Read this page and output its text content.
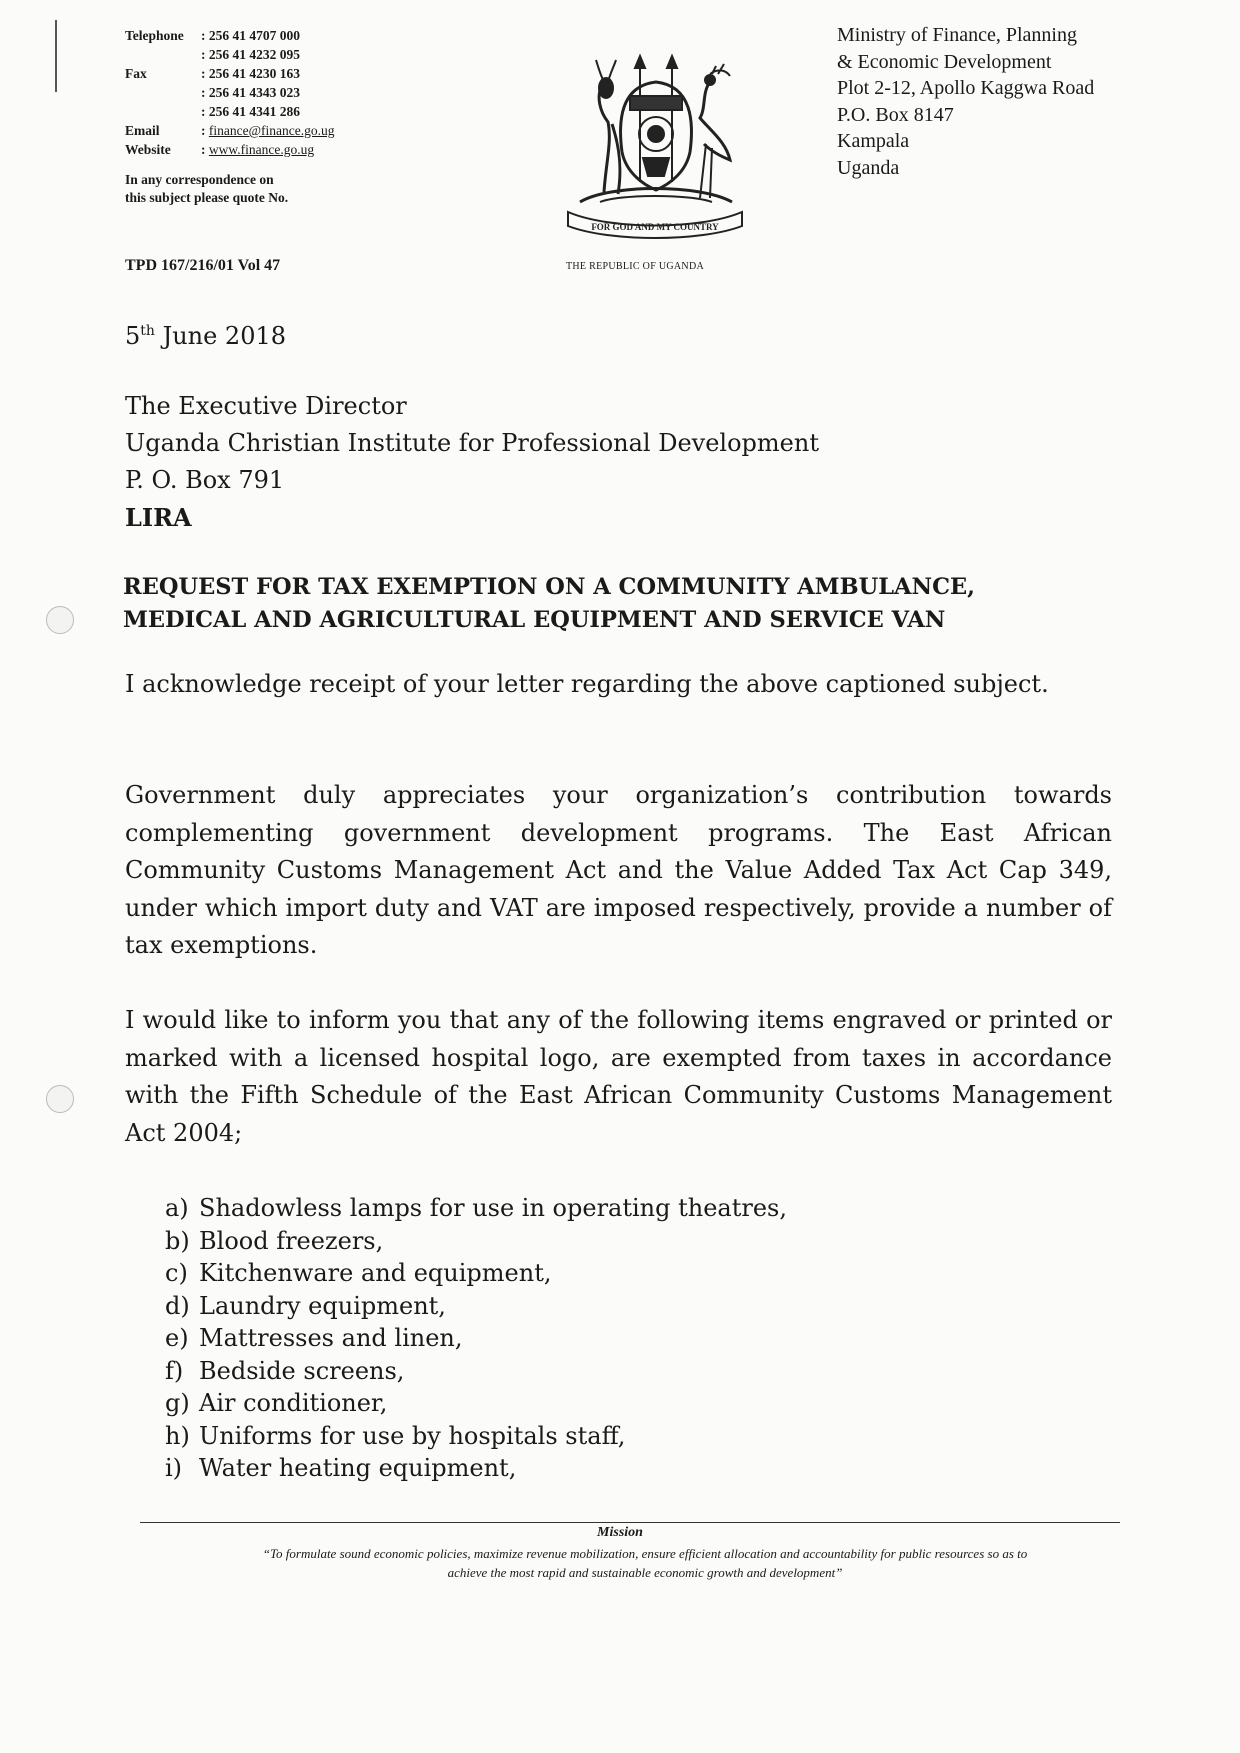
Telephone	: 256 41 4707 000
	: 256 41 4232 095
Fax	: 256 41 4230 163
	: 256 41 4343 023
	: 256 41 4341 286
Email	: finance@finance.go.ug
Website	: www.finance.go.ug
In any correspondence on
this subject please quote No.
TPD 167/216/01 Vol 47
FOR GOD AND MY COUNTRY
THE REPUBLIC OF UGANDA
Ministry of Finance, Planning
& Economic Development
Plot 2-12, Apollo Kaggwa Road
P.O. Box 8147
Kampala
Uganda
5th June 2018
The Executive Director
Uganda Christian Institute for Professional Development
P. O. Box 791
LIRA
REQUEST FOR TAX EXEMPTION ON A COMMUNITY AMBULANCE,
MEDICAL AND AGRICULTURAL EQUIPMENT AND SERVICE VAN
I acknowledge receipt of your letter regarding the above captioned subject.
Government duly appreciates your organization’s contribution towards complementing government development programs. The East African Community Customs Management Act and the Value Added Tax Act Cap 349, under which import duty and VAT are imposed respectively, provide a number of tax exemptions.
I would like to inform you that any of the following items engraved or printed or marked with a licensed hospital logo, are exempted from taxes in accordance with the Fifth Schedule of the East African Community Customs Management Act 2004;
a) Shadowless lamps for use in operating theatres,
b) Blood freezers,
c) Kitchenware and equipment,
d) Laundry equipment,
e) Mattresses and linen,
f) Bedside screens,
g) Air conditioner,
h) Uniforms for use by hospitals staff,
i) Water heating equipment,
Mission
“To formulate sound economic policies, maximize revenue mobilization, ensure efficient allocation and accountability for public resources so as to
achieve the most rapid and sustainable economic growth and development”
